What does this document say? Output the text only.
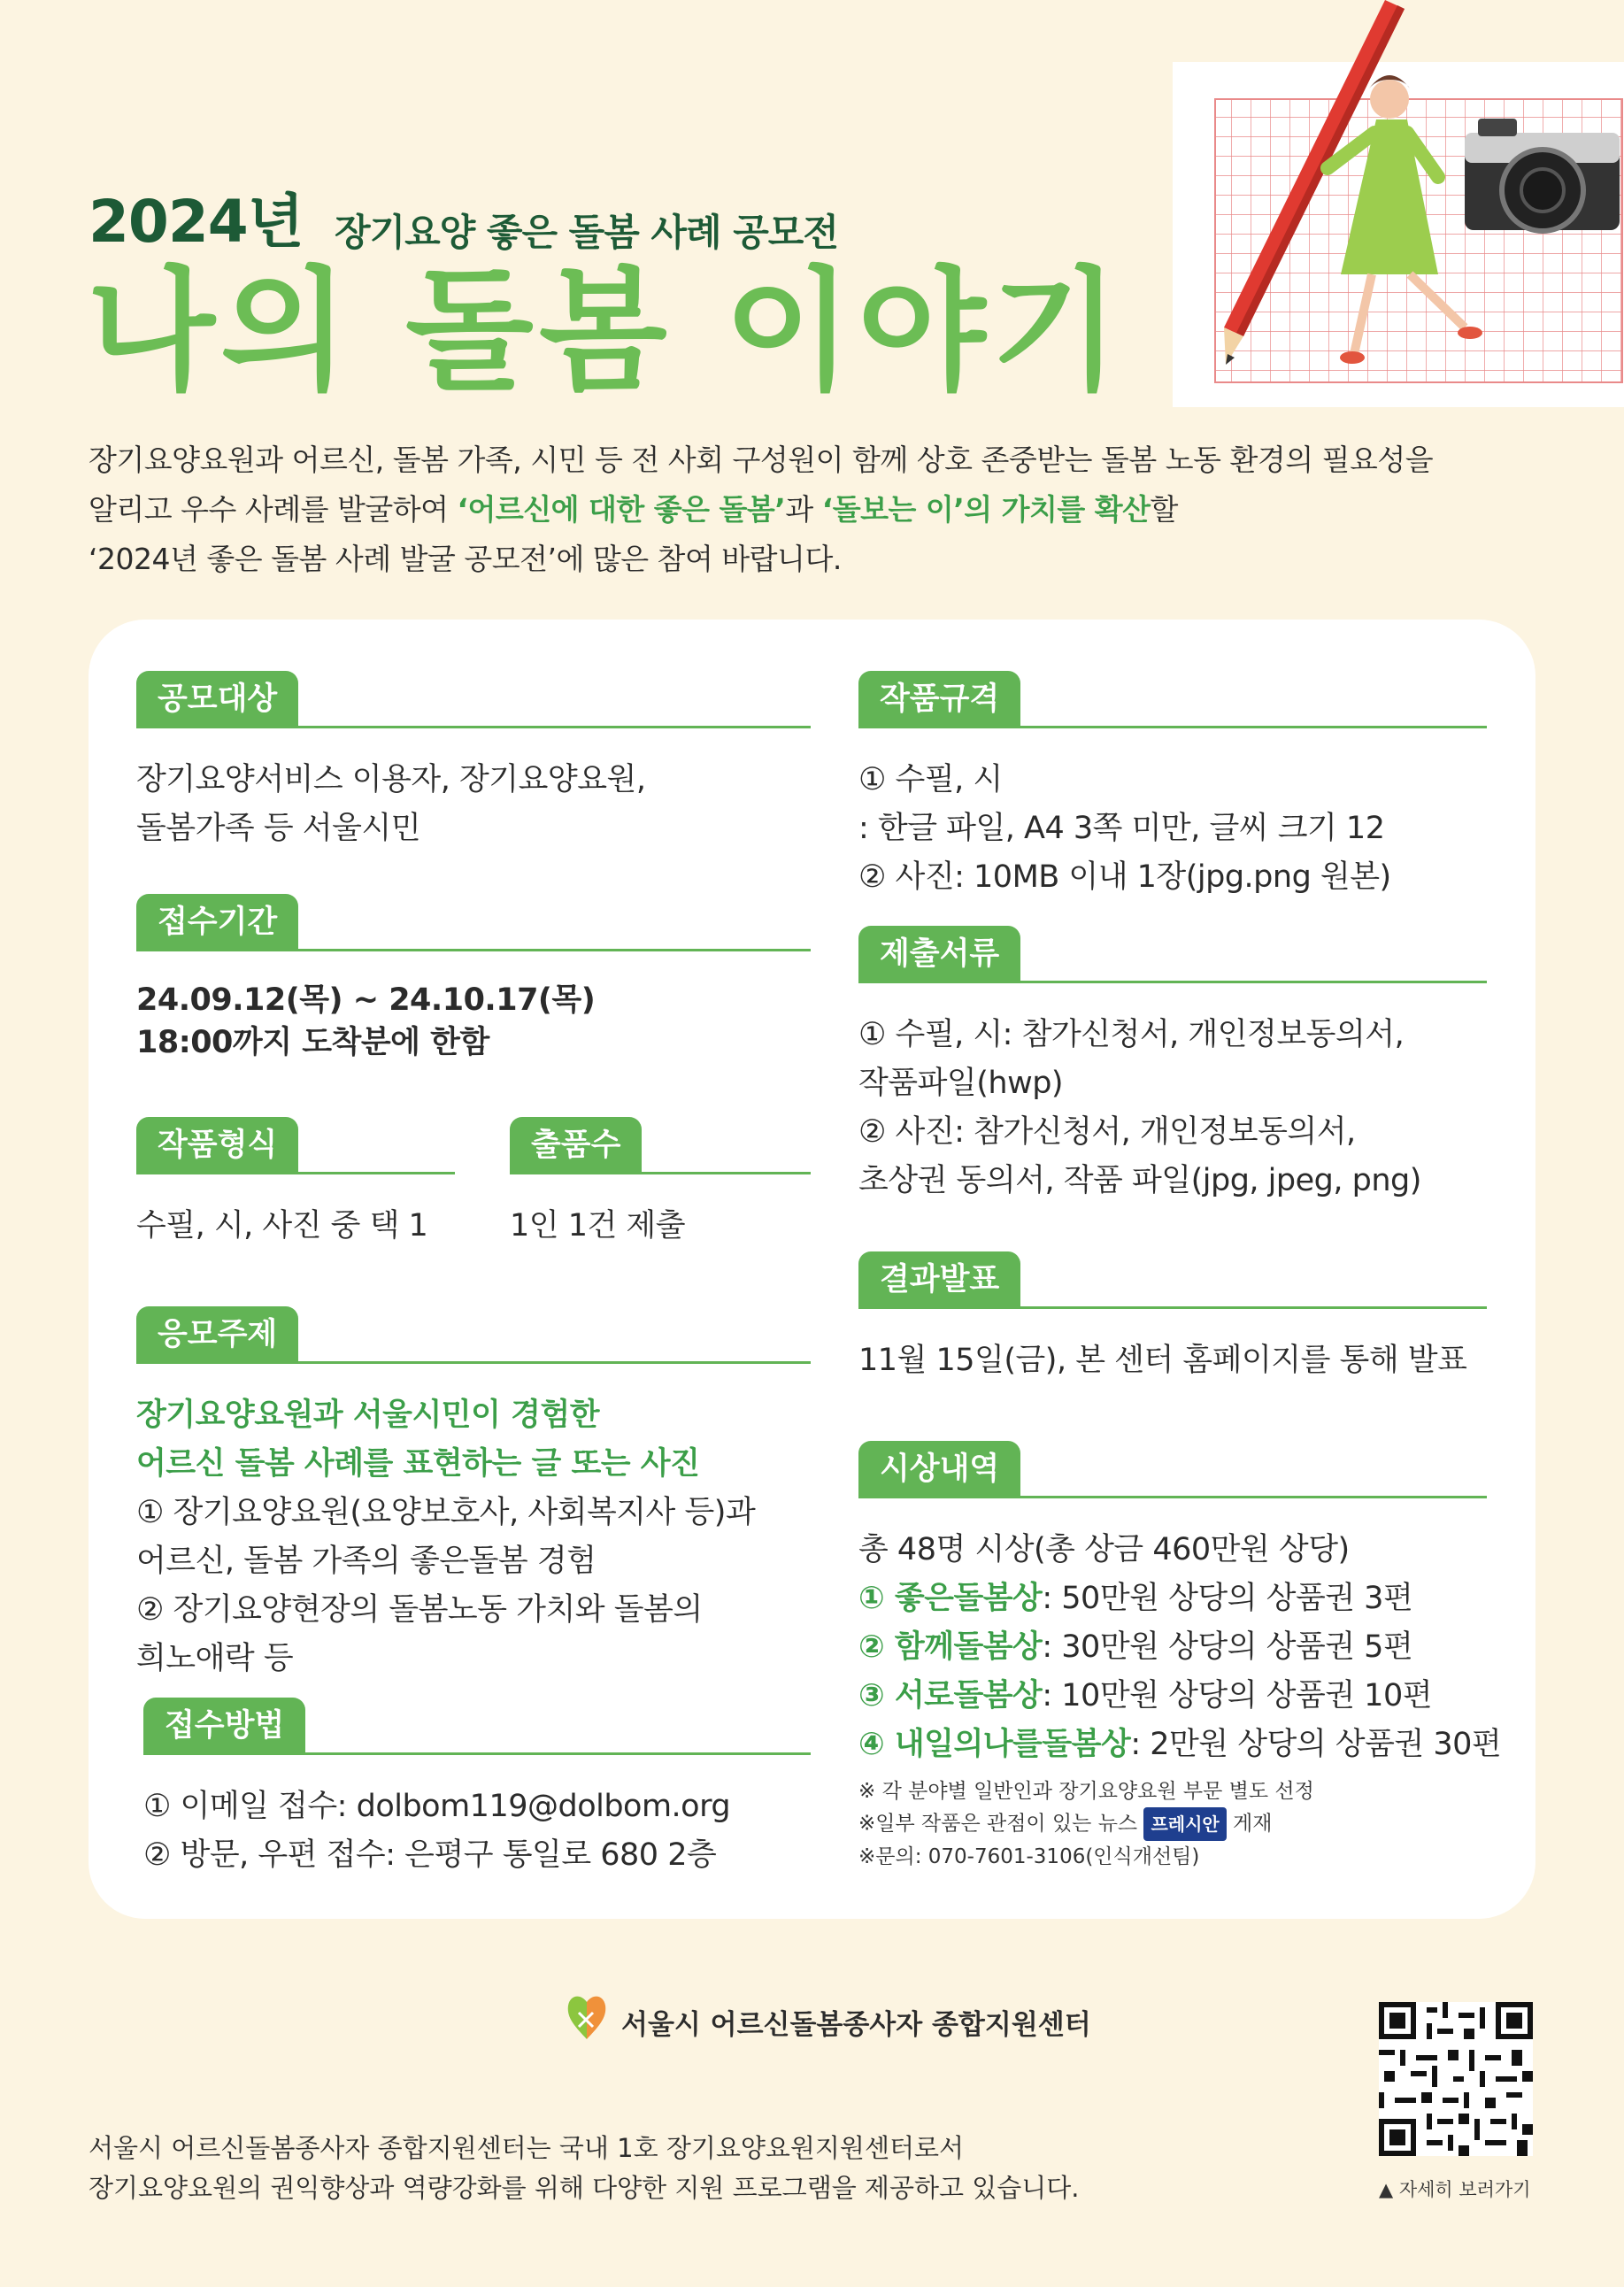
2024년 장기요양 좋은 돌봄 사례 공모전
나의 돌봄 이야기
장기요양요원과 어르신, 돌봄 가족, 시민 등 전 사회 구성원이 함께 상호 존중받는 돌봄 노동 환경의 필요성을
알리고 우수 사례를 발굴하여 ‘어르신에 대한 좋은 돌봄’과 ‘돌보는 이’의 가치를 확산할
‘2024년 좋은 돌봄 사례 발굴 공모전’에 많은 참여 바랍니다.
공모대상
장기요양서비스 이용자, 장기요양요원,
돌봄가족 등 서울시민
접수기간
24.09.12(목) ~ 24.10.17(목)
18:00까지 도착분에 한함
작품형식
수필, 시, 사진 중 택 1
출품수
1인 1건 제출
응모주제
장기요양요원과 서울시민이 경험한
어르신 돌봄 사례를 표현하는 글 또는 사진
① 장기요양요원(요양보호사, 사회복지사 등)과
어르신, 돌봄 가족의 좋은돌봄 경험
② 장기요양현장의 돌봄노동 가치와 돌봄의
희노애락 등
접수방법
① 이메일 접수: dolbom119@dolbom.org
② 방문, 우편 접수: 은평구 통일로 680 2층
작품규격
① 수필, 시
: 한글 파일, A4 3쪽 미만, 글씨 크기 12
② 사진: 10MB 이내 1장(jpg.png 원본)
제출서류
① 수필, 시: 참가신청서, 개인정보동의서,
작품파일(hwp)
② 사진: 참가신청서, 개인정보동의서,
초상권 동의서, 작품 파일(jpg, jpeg, png)
결과발표
11월 15일(금), 본 센터 홈페이지를 통해 발표
시상내역
총 48명 시상(총 상금 460만원 상당)
① 좋은돌봄상: 50만원 상당의 상품권 3편
② 함께돌봄상: 30만원 상당의 상품권 5편
③ 서로돌봄상: 10만원 상당의 상품권 10편
④ 내일의나를돌봄상: 2만원 상당의 상품권 30편
※ 각 분야별 일반인과 장기요양요원 부문 별도 선정
※일부 작품은 관점이 있는 뉴스 프레시안 게재
※문의: 070-7601-3106(인식개선팀)
서울시 어르신돌봄종사자 종합지원센터
서울시 어르신돌봄종사자 종합지원센터는 국내 1호 장기요양요원지원센터로서
장기요양요원의 권익향상과 역량강화를 위해 다양한 지원 프로그램을 제공하고 있습니다.	▲ 자세히 보러가기
